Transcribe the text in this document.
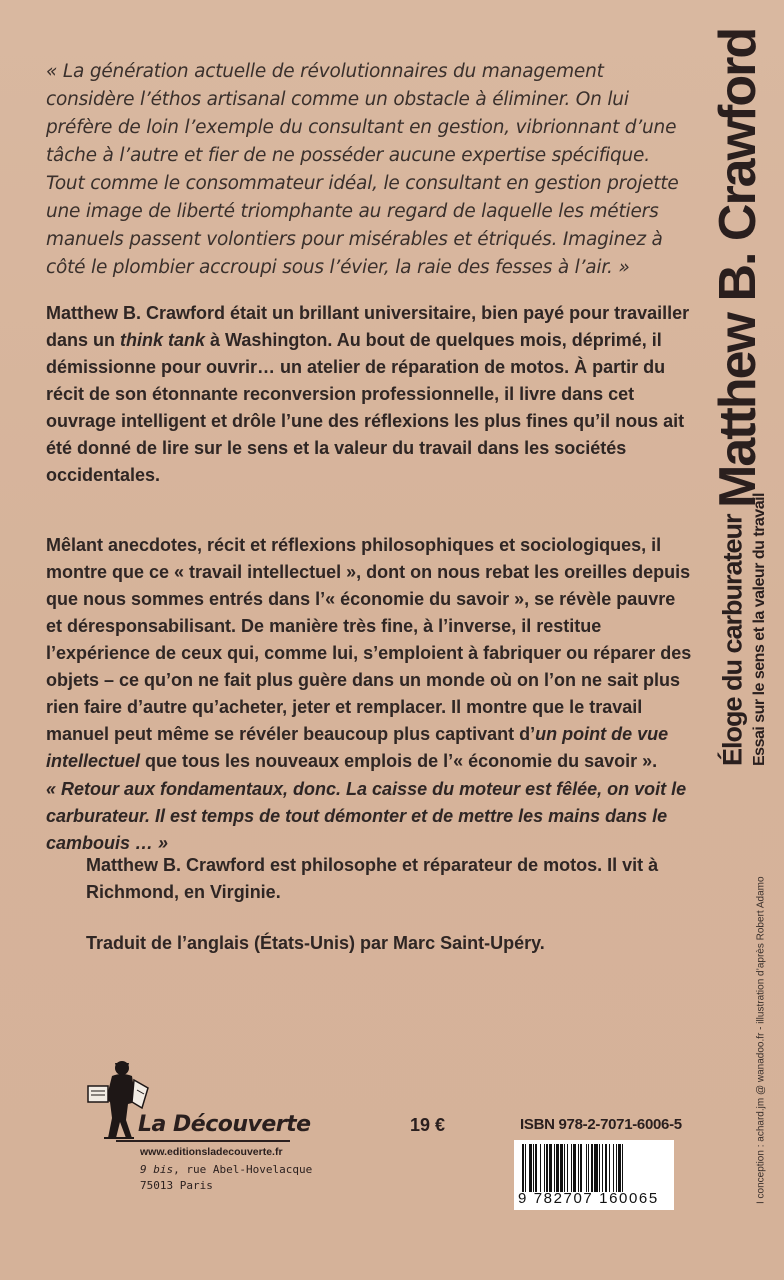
« La génération actuelle de révolutionnaires du management considère l’éthos artisanal comme un obstacle à éliminer. On lui préfère de loin l’exemple du consultant en gestion, vibrionnant d’une tâche à l’autre et fier de ne posséder aucune expertise spécifique. Tout comme le consommateur idéal, le consultant en gestion projette une image de liberté triomphante au regard de laquelle les métiers manuels passent volontiers pour misérables et étriqués. Imaginez à côté le plombier accroupi sous l’évier, la raie des fesses à l’air. »
Matthew B. Crawford était un brillant universitaire, bien payé pour travailler dans un think tank à Washington. Au bout de quelques mois, déprimé, il démissionne pour ouvrir… un atelier de réparation de motos. À partir du récit de son étonnante reconversion professionnelle, il livre dans cet ouvrage intelligent et drôle l’une des réflexions les plus fines qu’il nous ait été donné de lire sur le sens et la valeur du travail dans les sociétés occidentales.
Mêlant anecdotes, récit et réflexions philosophiques et sociologiques, il montre que ce « travail intellectuel », dont on nous rebat les oreilles depuis que nous sommes entrés dans l’« économie du savoir », se révèle pauvre et déresponsabilisant. De manière très fine, à l’inverse, il restitue l’expérience de ceux qui, comme lui, s’emploient à fabriquer ou réparer des objets – ce qu’on ne fait plus guère dans un monde où on l’on ne sait plus rien faire d’autre qu’acheter, jeter et remplacer. Il montre que le travail manuel peut même se révéler beaucoup plus captivant d’un point de vue intellectuel que tous les nouveaux emplois de l’« économie du savoir ».
« Retour aux fondamentaux, donc. La caisse du moteur est fêlée, on voit le carburateur. Il est temps de tout démonter et de mettre les mains dans le cambouis … »
Matthew B. Crawford est philosophe et réparateur de motos. Il vit à Richmond, en Virginie.
Traduit de l’anglais (États-Unis) par Marc Saint-Upéry.
Matthew B. Crawford
Éloge du carburateur Essai sur le sens et la valeur du travail
I conception : achard.jm @ wanadoo.fr - illustration d’après Robert Adamo
La Découverte
www.editionsladecouverte.fr
9 bis, rue Abel-Hovelacque
75013 Paris
19 €	ISBN 978-2-7071-6006-5
9 782707 160065
